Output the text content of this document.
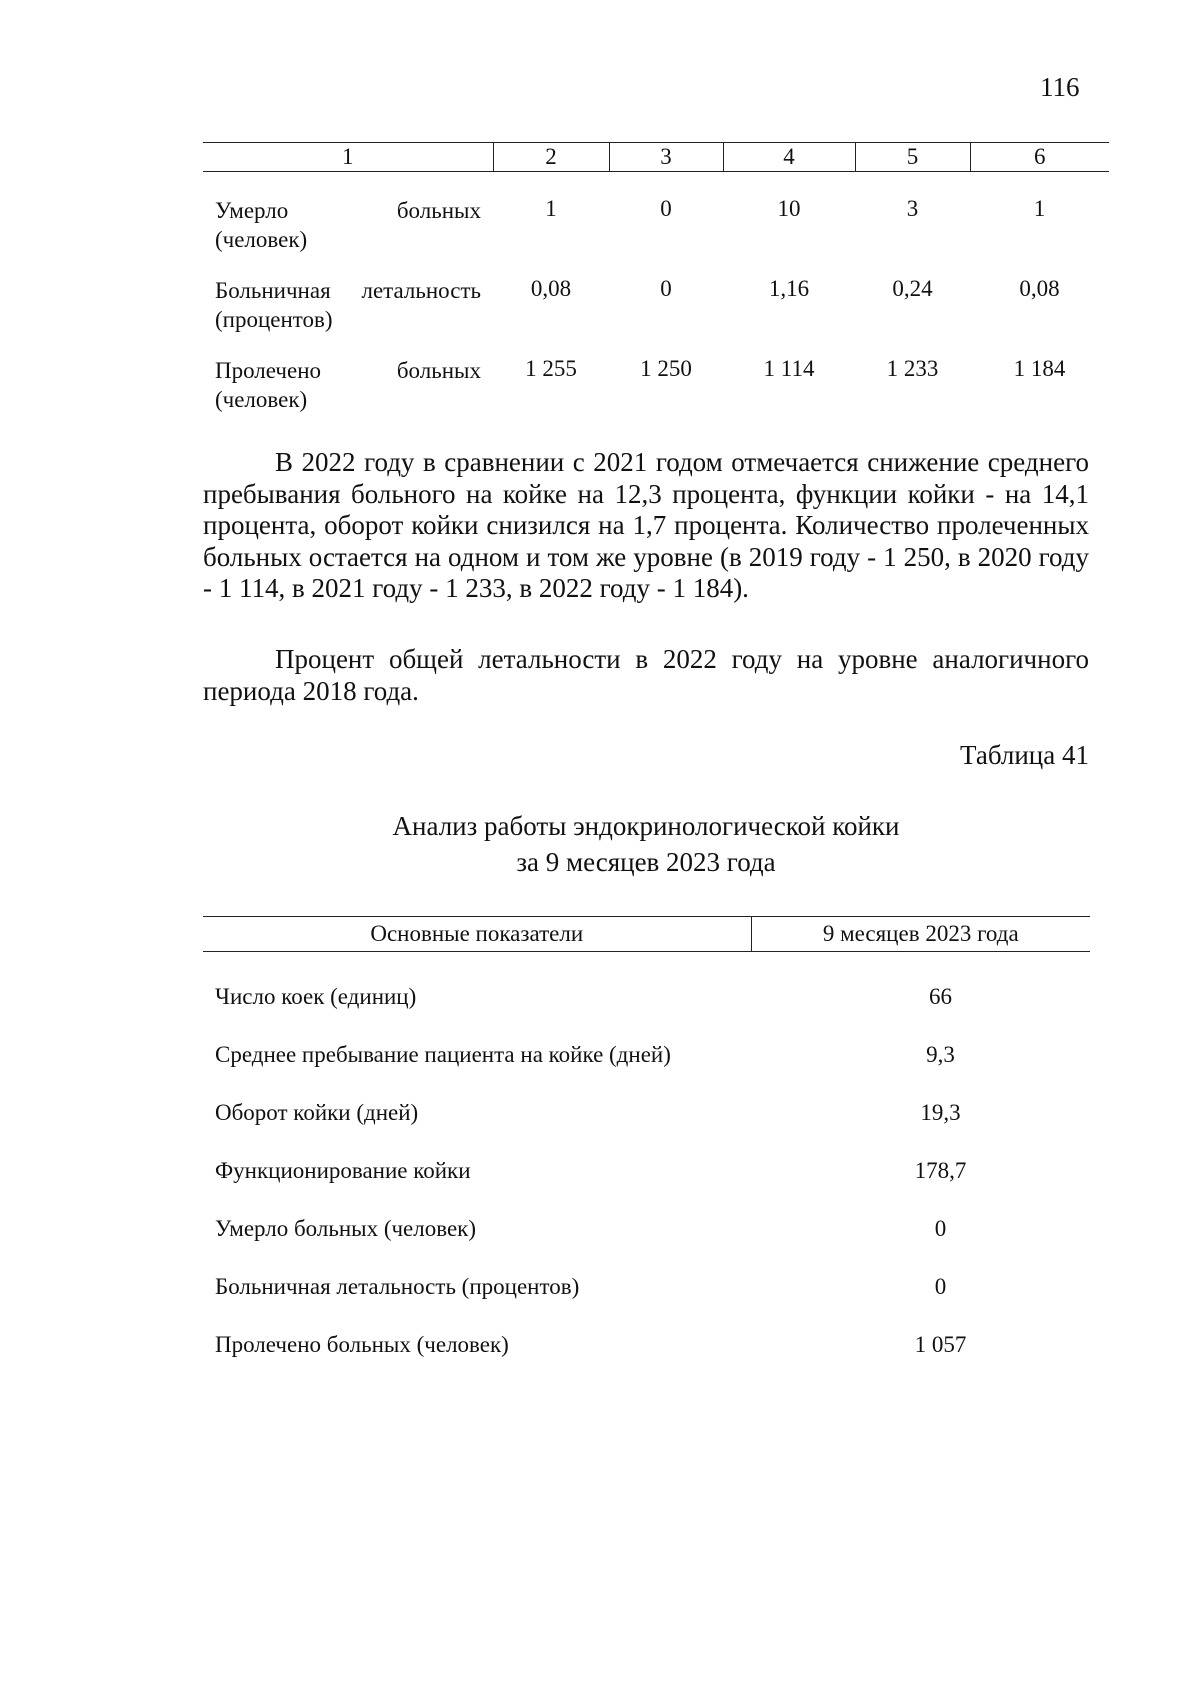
116
1	2	3	4	5	6

Умерло больных
(человек)	1	0	10	3	1

Больничная летальность
(процентов)	0,08	0	1,16	0,24	0,08

Пролечено больных
(человек)	1 255	1 250	1 114	1 233	1 184

В 2022 году в сравнении с 2021 годом отмечается снижение среднего пребывания больного на койке на 12,3 процента, функции койки - на 14,1 процента, оборот койки снизился на 1,7 процента. Количество пролеченных больных остается на одном и том же уровне (в 2019 году - 1 250, в 2020 году - 1 114, в 2021 году - 1 233, в 2022 году - 1 184).

Процент общей летальности в 2022 году на уровне аналогичного периода 2018 года.

Таблица 41
Анализ работы эндокринологической койки
за 9 месяцев 2023 года
Основные показатели	9 месяцев 2023 года
Число коек (единиц)	66
Среднее пребывание пациента на койке (дней)	9,3
Оборот койки (дней)	19,3
Функционирование койки	178,7
Умерло больных (человек)	0
Больничная летальность (процентов)	0
Пролечено больных (человек)	1 057
